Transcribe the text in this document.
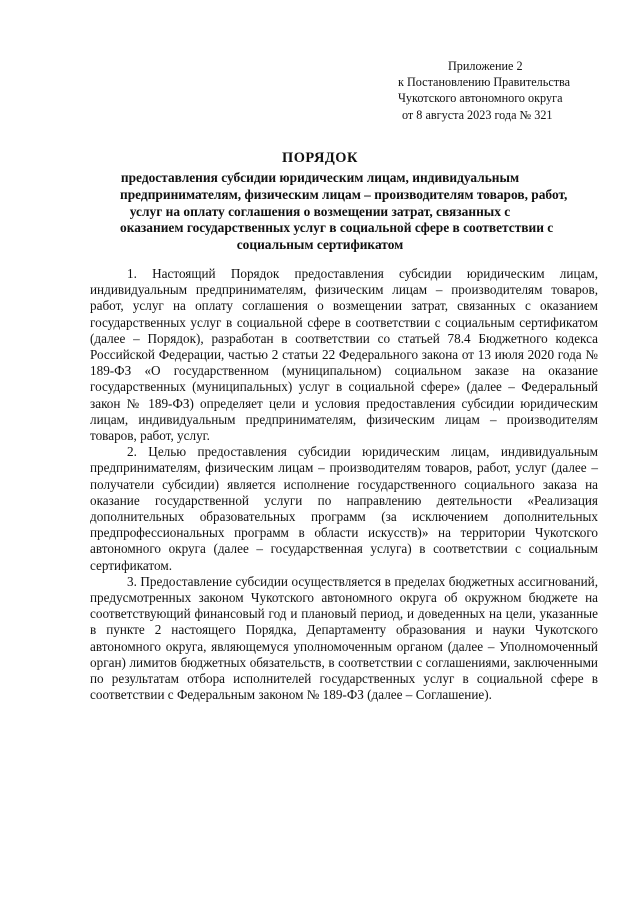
Приложение 2
к Постановлению Правительства
Чукотского автономного округа
от 8 августа 2023 года № 321
ПОРЯДОК
предоставления субсидии юридическим лицам, индивидуальным
предпринимателям, физическим лицам – производителям товаров, работ,
услуг на оплату соглашения о возмещении затрат, связанных с
оказанием государственных услуг в социальной сфере в соответствии с
социальным сертификатом

1. Настоящий Порядок предоставления субсидии юридическим лицам, индивидуальным предпринимателям, физическим лицам – производителям товаров, работ, услуг на оплату соглашения о возмещении затрат, связанных с оказанием государственных услуг в социальной сфере в соответствии с социальным сертификатом (далее – Порядок), разработан в соответствии со статьей 78.4 Бюджетного кодекса Российской Федерации, частью 2 статьи 22 Федерального закона от 13 июля 2020 года № 189-ФЗ «О государственном (муниципальном) социальном заказе на оказание государственных (муниципальных) услуг в социальной сфере» (далее – Федеральный закон № 189-ФЗ) определяет цели и условия предоставления субсидии юридическим лицам, индивидуальным предпринимателям, физическим лицам – производителям товаров, работ, услуг.

2. Целью предоставления субсидии юридическим лицам, индивидуальным предпринимателям, физическим лицам – производителям товаров, работ, услуг (далее – получатели субсидии) является исполнение государственного социального заказа на оказание государственной услуги по направлению деятельности «Реализация дополнительных образовательных программ (за исключением дополнительных предпрофессиональных программ в области искусств)» на территории Чукотского автономного округа (далее – государственная услуга) в соответствии с социальным сертификатом.

3. Предоставление субсидии осуществляется в пределах бюджетных ассигнований, предусмотренных законом Чукотского автономного округа об окружном бюджете на соответствующий финансовый год и плановый период, и доведенных на цели, указанные в пункте 2 настоящего Порядка, Департаменту образования и науки Чукотского автономного округа, являющемуся уполномоченным органом (далее – Уполномоченный орган) лимитов бюджетных обязательств, в соответствии с соглашениями, заключенными по результатам отбора исполнителей государственных услуг в социальной сфере в соответствии с Федеральным законом № 189-ФЗ (далее – Соглашение).
